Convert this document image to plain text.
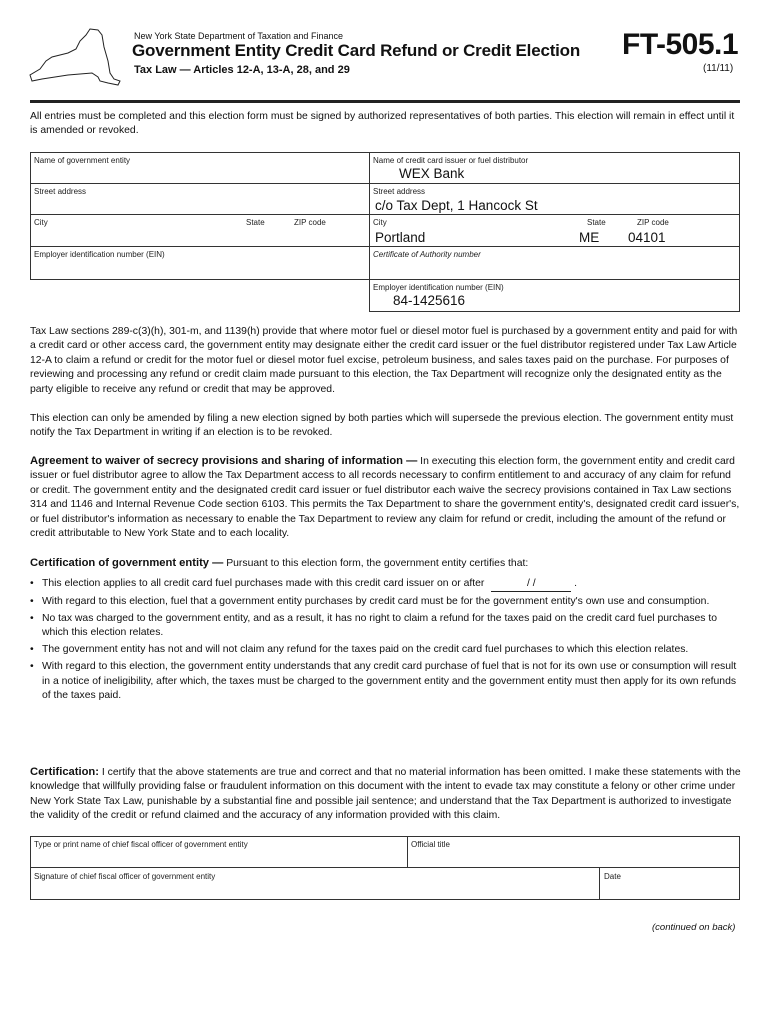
New York State Department of Taxation and Finance
Government Entity Credit Card Refund or Credit Election
Tax Law — Articles 12-A, 13-A, 28, and 29
FT-505.1
(11/11)
All entries must be completed and this election form must be signed by authorized representatives of both parties. This election will remain in effect until it is amended or revoked.
Name of government entity
Street address
City	State	ZIP code
Employer identification number (EIN)
Name of credit card issuer or fuel distributor
WEX Bank
Street address
c/o Tax Dept, 1 Hancock St
City	State	ZIP code
Portland	ME 04101
Certificate of Authority number
Employer identification number (EIN)
84-1425616
Tax Law sections 289-c(3)(h), 301-m, and 1139(h) provide that where motor fuel or diesel motor fuel is purchased by a government entity and paid for with a credit card or other access card, the government entity may designate either the credit card issuer or the fuel distributor registered under Tax Law Article 12-A to claim a refund or credit for the motor fuel or diesel motor fuel excise, petroleum business, and sales taxes paid on the purchase. For purposes of reviewing and processing any refund or credit claim made pursuant to this election, the Tax Department will recognize only the designated entity as the party eligible to receive any refund or credit that may be approved.
This election can only be amended by filing a new election signed by both parties which will supersede the previous election. The government entity must notify the Tax Department in writing if an election is to be revoked.
Agreement to waiver of secrecy provisions and sharing of information — In executing this election form, the government entity and credit card issuer or fuel distributor agree to allow the Tax Department access to all records necessary to confirm entitlement to and accuracy of any claim for refund or credit. The government entity and the designated credit card issuer or fuel distributor each waive the secrecy provisions contained in Tax Law sections 314 and 1146 and Internal Revenue Code section 6103. This permits the Tax Department to share the government entity's, designated credit card issuer's, or fuel distributor's information as necessary to enable the Tax Department to review any claim for refund or credit, including the amount of the refund or credit attributable to New York State and to each locality.
Certification of government entity — Pursuant to this election form, the government entity certifies that:
• This election applies to all credit card fuel purchases made with this credit card issuer on or after	/ /	.
• With regard to this election, fuel that a government entity purchases by credit card must be for the government entity's own use and consumption.
• No tax was charged to the government entity, and as a result, it has no right to claim a refund for the taxes paid on the credit card fuel purchases to which this election relates.
• The government entity has not and will not claim any refund for the taxes paid on the credit card fuel purchases to which this election relates.
• With regard to this election, the government entity understands that any credit card purchase of fuel that is not for its own use or consumption will result in a notice of ineligibility, after which, the taxes must be charged to the government entity and the government entity must then apply for its own refunds of the taxes paid.
Certification: I certify that the above statements are true and correct and that no material information has been omitted. I make these statements with the knowledge that willfully providing false or fraudulent information on this document with the intent to evade tax may constitute a felony or other crime under New York State Tax Law, punishable by a substantial fine and possible jail sentence; and understand that the Tax Department is authorized to investigate the validity of the credit or refund claimed and the accuracy of any information provided with this claim.
Type or print name of chief fiscal officer of government entity	Official title
Signature of chief fiscal officer of government entity	Date
(continued on back)
